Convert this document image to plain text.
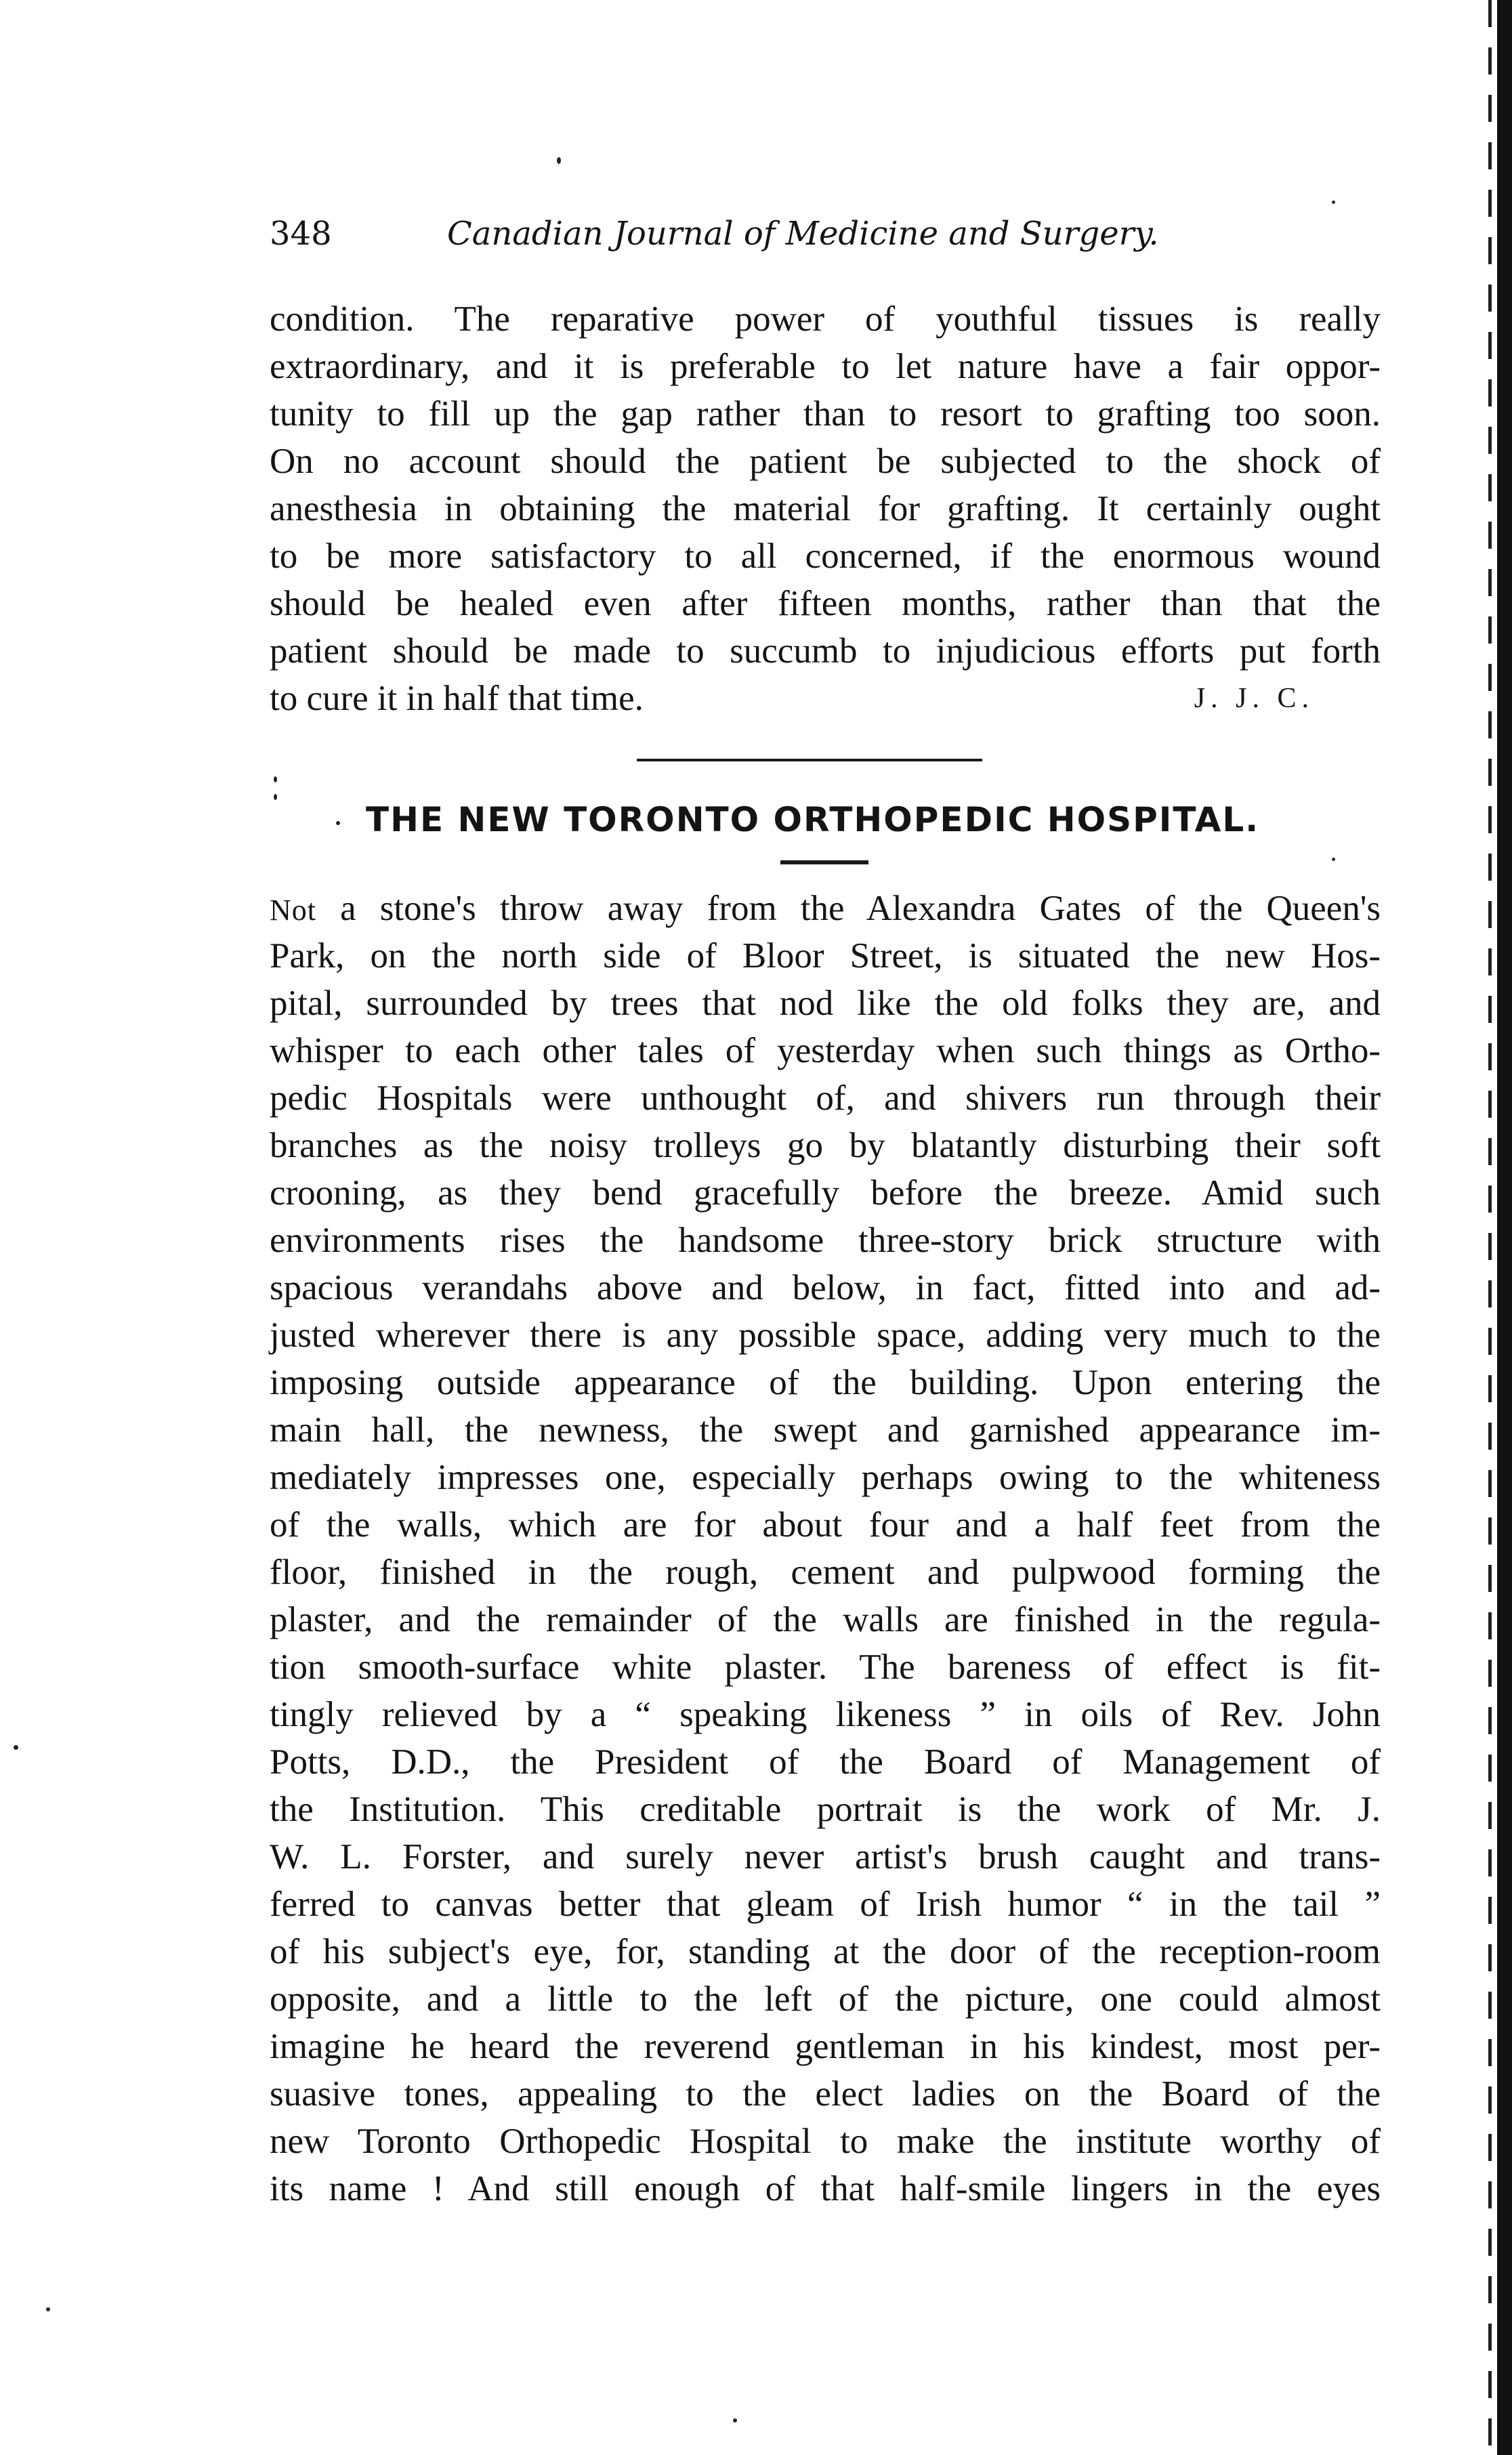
348	Canadian Journal of Medicine and Surgery.
condition. The reparative power of youthful tissues is really
extraordinary, and it is preferable to let nature have a fair oppor-
tunity to fill up the gap rather than to resort to grafting too soon.
On no account should the patient be subjected to the shock of
anesthesia in obtaining the material for grafting. It certainly ought
to be more satisfactory to all concerned, if the enormous wound
should be healed even after fifteen months, rather than that the
patient should be made to succumb to injudicious efforts put forth
to cure it in half that time.	J. J. C.
THE NEW TORONTO ORTHOPEDIC HOSPITAL.
Not a stone's throw away from the Alexandra Gates of the Queen's
Park, on the north side of Bloor Street, is situated the new Hos-
pital, surrounded by trees that nod like the old folks they are, and
whisper to each other tales of yesterday when such things as Ortho-
pedic Hospitals were unthought of, and shivers run through their
branches as the noisy trolleys go by blatantly disturbing their soft
crooning, as they bend gracefully before the breeze. Amid such
environments rises the handsome three-story brick structure with
spacious verandahs above and below, in fact, fitted into and ad-
justed wherever there is any possible space, adding very much to the
imposing outside appearance of the building. Upon entering the
main hall, the newness, the swept and garnished appearance im-
mediately impresses one, especially perhaps owing to the whiteness
of the walls, which are for about four and a half feet from the
floor, finished in the rough, cement and pulpwood forming the
plaster, and the remainder of the walls are finished in the regula-
tion smooth-surface white plaster. The bareness of effect is fit-
tingly relieved by a “ speaking likeness ” in oils of Rev. John
Potts, D.D., the President of the Board of Management of
the Institution. This creditable portrait is the work of Mr. J.
W. L. Forster, and surely never artist's brush caught and trans-
ferred to canvas better that gleam of Irish humor “ in the tail ”
of his subject's eye, for, standing at the door of the reception-room
opposite, and a little to the left of the picture, one could almost
imagine he heard the reverend gentleman in his kindest, most per-
suasive tones, appealing to the elect ladies on the Board of the
new Toronto Orthopedic Hospital to make the institute worthy of
its name ! And still enough of that half-smile lingers in the eyes
